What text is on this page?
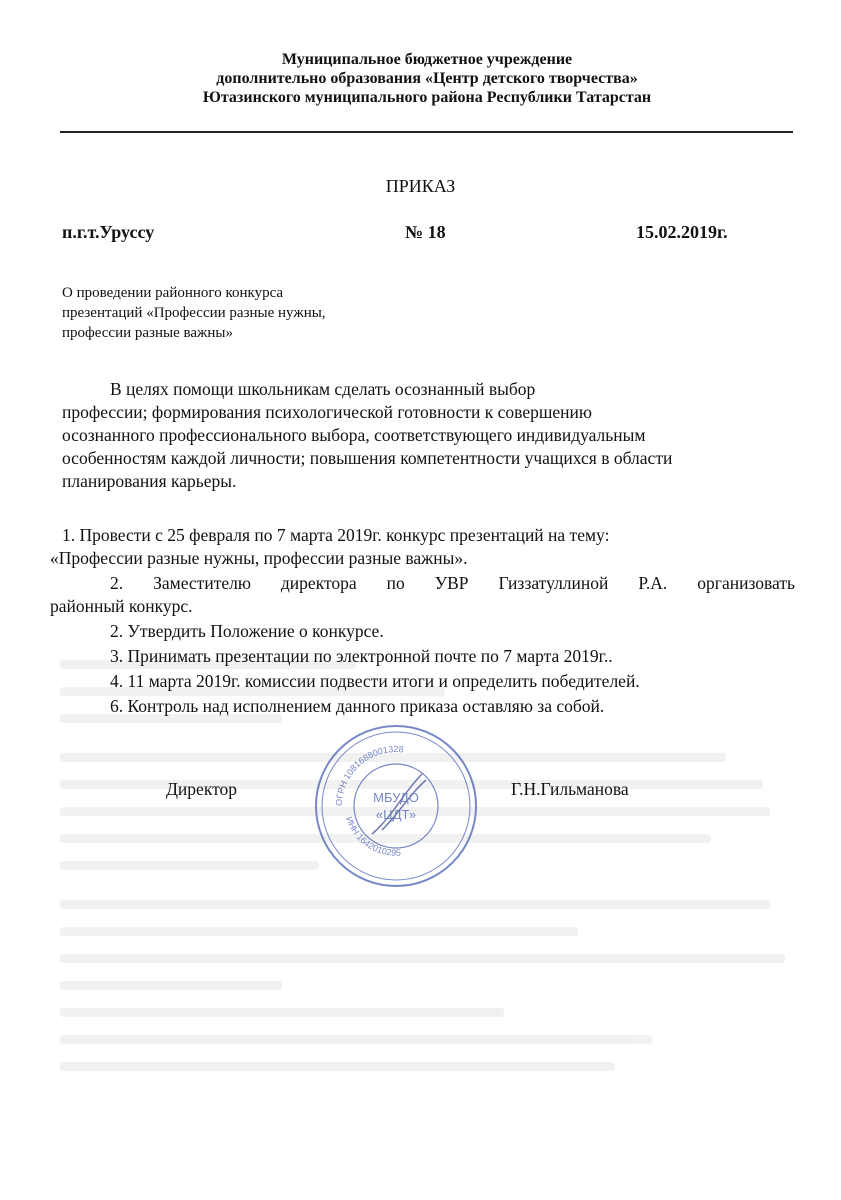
Муниципальное бюджетное учреждение
дополнительно образования «Центр детского творчества»
Ютазинского муниципального района Республики Татарстан
ПРИКАЗ
п.г.т.Уруссу	№ 18	15.02.2019г.
О проведении районного конкурса
презентаций «Профессии разные нужны,
профессии разные важны»
В целях помощи школьникам сделать осознанный выбор
профессии; формирования психологической готовности к совершению
осознанного профессионального выбора, соответствующего индивидуальным
особенностям каждой личности; повышения компетентности учащихся в области
планирования карьеры.
1. Провести с 25 февраля по 7 марта 2019г. конкурс презентаций на тему:
«Профессии разные нужны, профессии разные важны».
2. Заместителю директора по УВР Гиззатуллиной Р.А. организовать
районный конкурс.
2. Утвердить Положение о конкурсе.
3. Принимать презентации по электронной почте по 7 марта 2019г..
4. 11 марта 2019г. комиссии подвести итоги и определить победителей.
6. Контроль над исполнением данного приказа оставляю за собой.
Директор	Г.Н.Гильманова
ОГРН 1081688001328
ИНН 1642010295
МБУДО
«ЦДТ»
